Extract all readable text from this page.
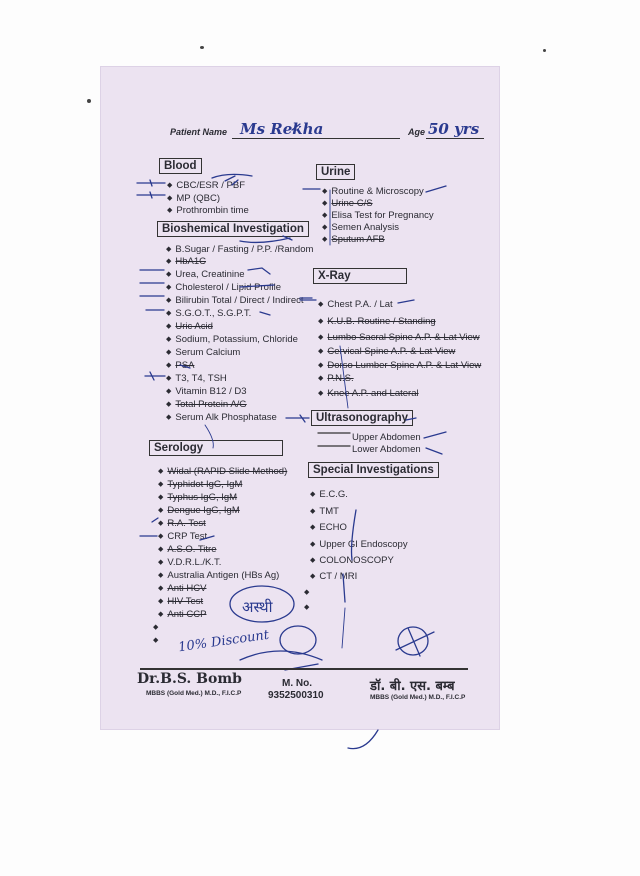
Patient Name Ms Rekha	Age 50 yrs
Blood
Bioshemical Investigation
Serology
Urine
X-Ray
Ultrasonography
Special Investigations
◆ CBC/ESR / PBF
◆ MP (QBC)
◆ Prothrombin time
◆ B.Sugar / Fasting / P.P. /Random
◆ HbA1C
◆ Urea, Creatinine
◆ Cholesterol / Lipid Profile
◆ Bilirubin Total / Direct / Indirect
◆ S.G.O.T., S.G.P.T.
◆ Uric Acid
◆ Sodium, Potassium, Chloride
◆ Serum Calcium
◆ PSA
◆ T3, T4, TSH
◆ Vitamin B12 / D3
◆ Total Protein A/G
◆ Serum Alk Phosphatase
◆ Widal (RAPID Slide Method)
◆ Typhidot IgG, IgM
◆ Typhus IgG, IgM
◆ Dengue IgG, IgM
◆ R.A. Test
◆ CRP Test
◆ A.S.O. Titre
◆ V.D.R.L./K.T.
◆ Australia Antigen (HBs Ag)
◆ Anti HCV
◆ HIV Test
◆ Anti CCP
◆
◆
◆ Routine & Microscopy
◆ Urine C/S
◆ Elisa Test for Pregnancy
◆ Semen Analysis
◆ Sputum AFB
◆ Chest P.A. / Lat
◆ K.U.B. Routine / Standing
◆ Lumbo Sacral Spine A.P. & Lat View
◆ Cervical Spine A.P. & Lat View
◆ Dorso Lumber Spine A.P. & Lat View
◆ P.N.S.
◆ Knee A.P. and Lateral
Upper Abdomen
Lower Abdomen
◆ E.C.G.
◆ TMT
◆ ECHO
◆ Upper GI Endoscopy
◆ COLONOSCOPY
◆ CT / MRI
◆
◆
अस्थी
10% Discount
Dr.B.S. Bomb
MBBS (Gold Med.) M.D., F.I.C.P
M. No.
9352500310
डॉ. बी. एस. बम्ब
MBBS (Gold Med.) M.D., F.I.C.P
